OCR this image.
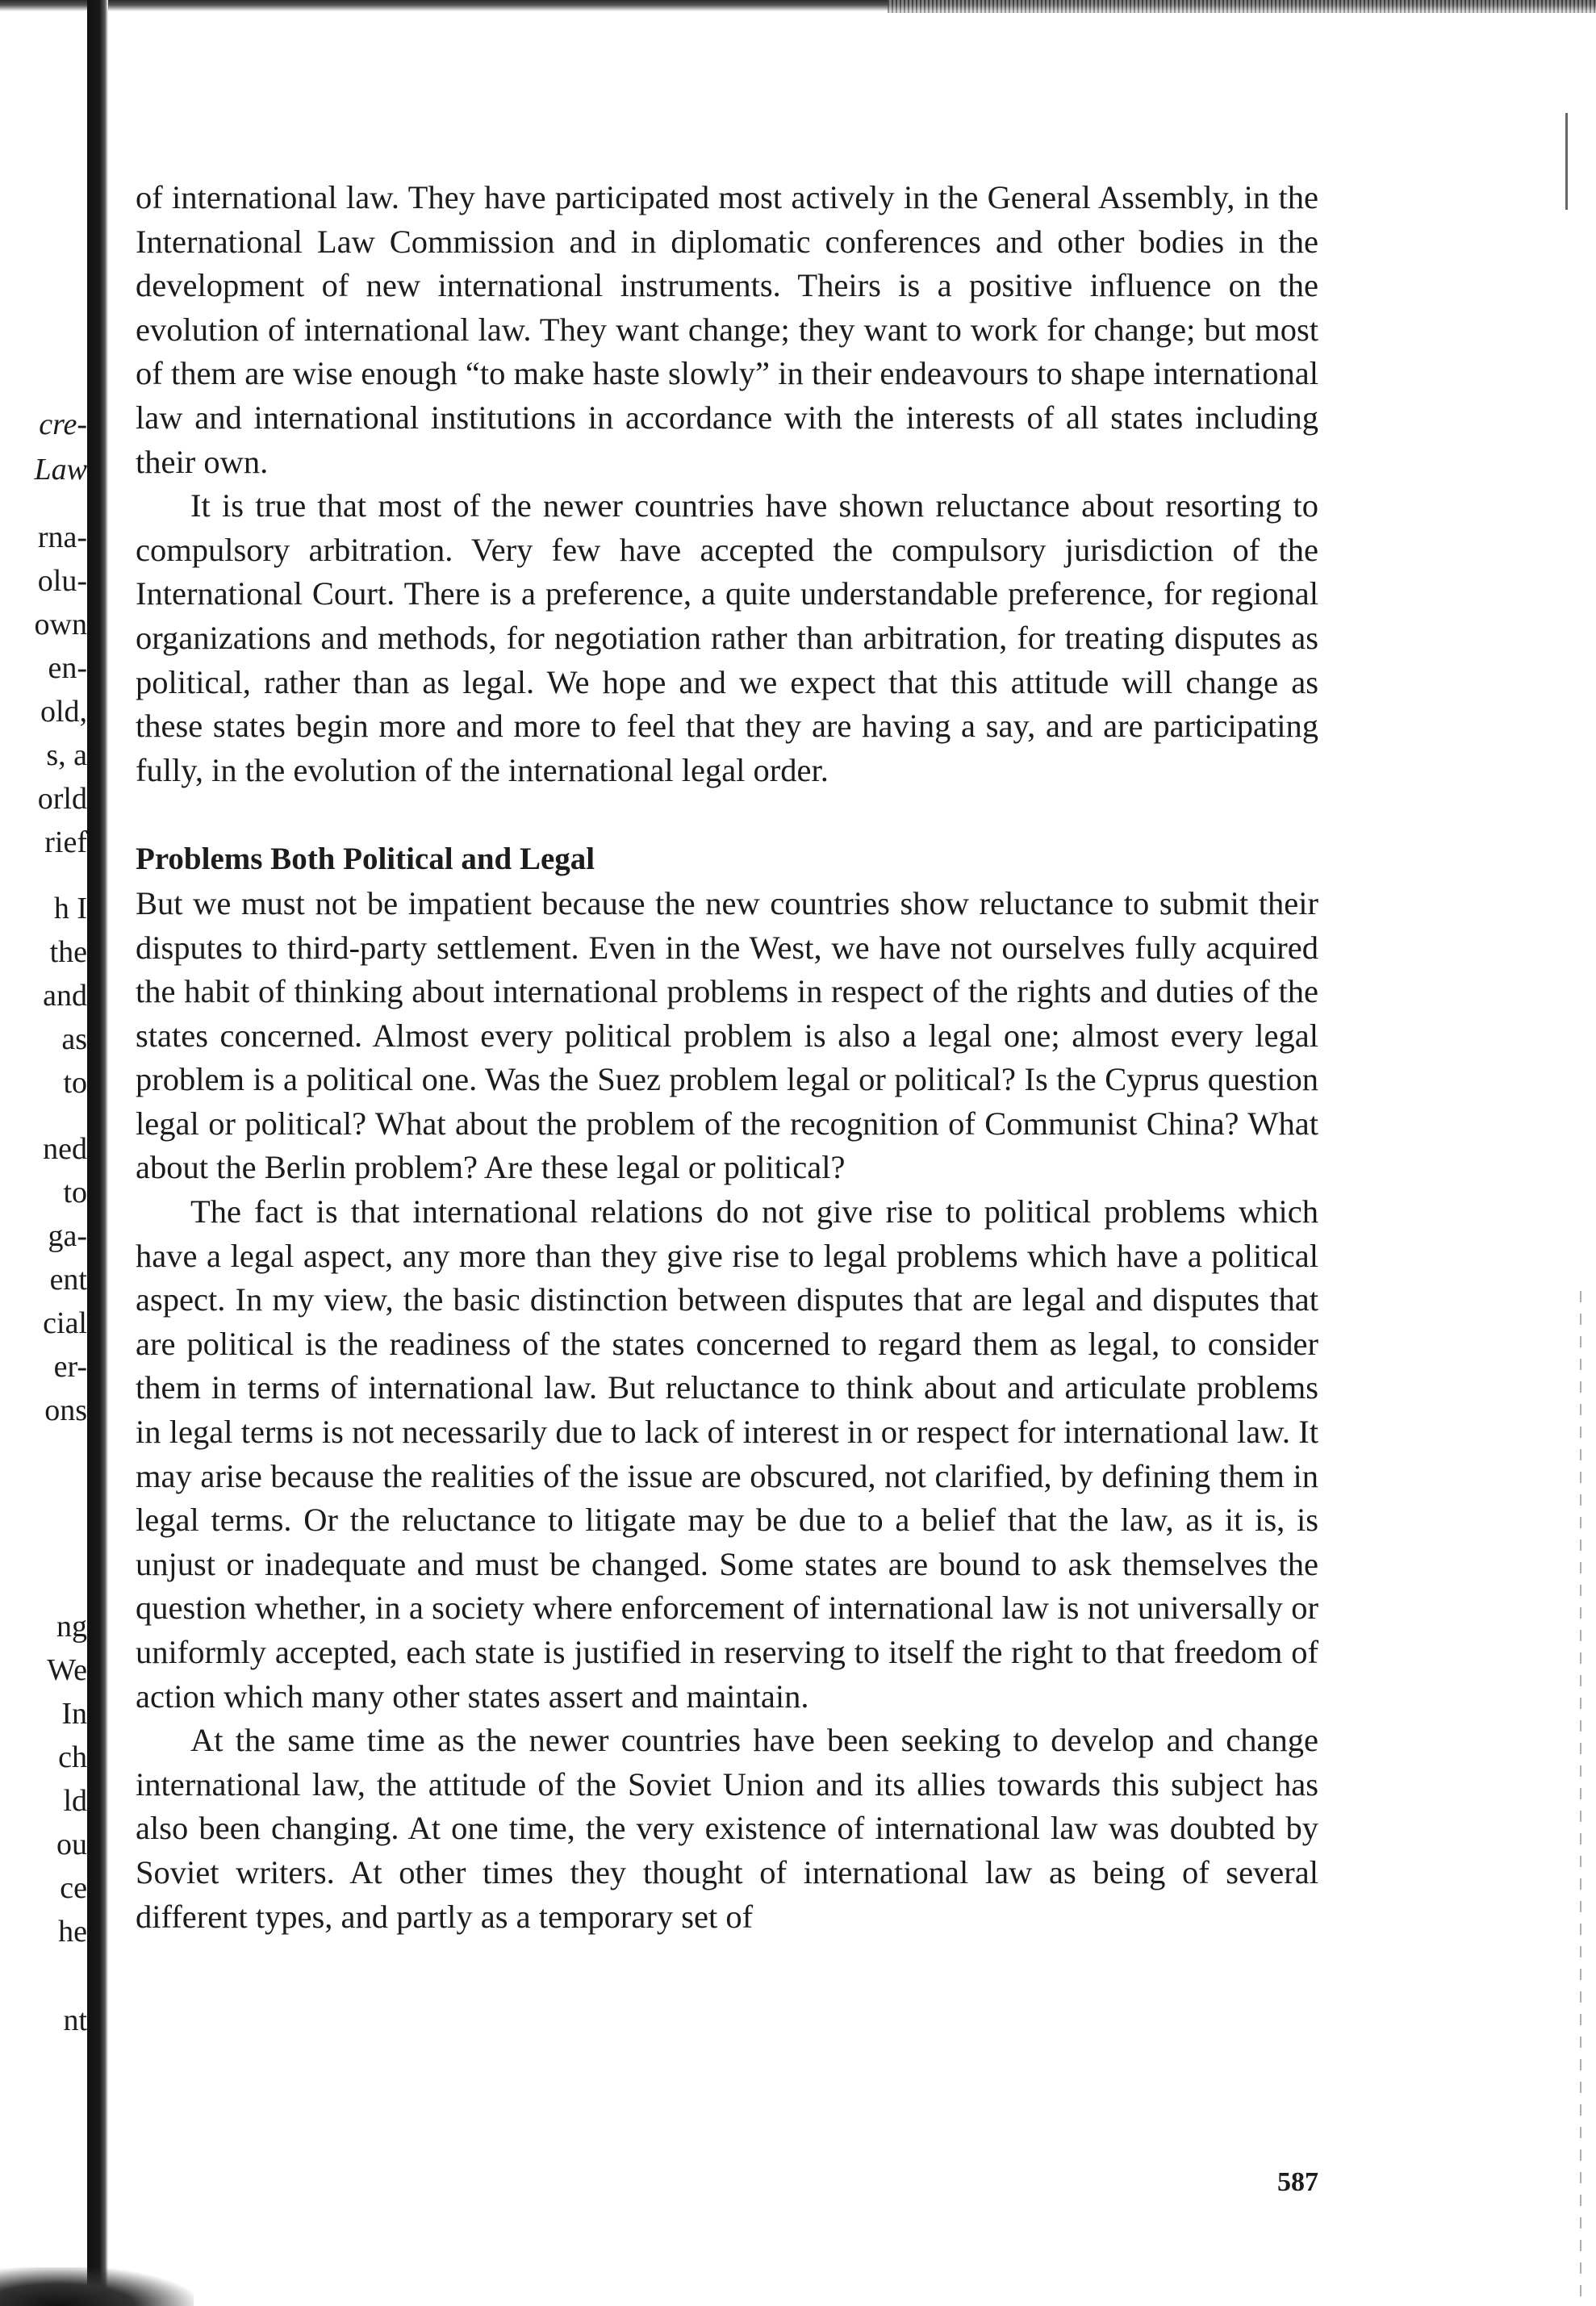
cre-

Law

rna-

olu-

own

en-

old,

s, a

orld

rief

h I

the

and

as

to

ned

to

ga-

ent

cial

er-

ons

ng

We

In

ch

ld

ou

ce

he

nt

of international law. They have participated most actively in the General Assembly, in the International Law Commission and in diplomatic conferences and other bodies in the development of new international instruments. Theirs is a positive influence on the evolution of international law. They want change; they want to work for change; but most of them are wise enough “to make haste slowly” in their endeavours to shape international law and international institutions in accordance with the interests of all states including their own.

It is true that most of the newer countries have shown reluctance about resorting to compulsory arbitration. Very few have accepted the compulsory jurisdiction of the International Court. There is a preference, a quite understandable preference, for regional organizations and methods, for negotiation rather than arbitration, for treating disputes as political, rather than as legal. We hope and we expect that this attitude will change as these states begin more and more to feel that they are having a say, and are participating fully, in the evolution of the international legal order.

Problems Both Political and Legal

But we must not be impatient because the new countries show reluctance to submit their disputes to third-party settlement. Even in the West, we have not ourselves fully acquired the habit of thinking about international problems in respect of the rights and duties of the states concerned. Almost every political problem is also a legal one; almost every legal problem is a political one. Was the Suez problem legal or political? Is the Cyprus question legal or political? What about the problem of the recognition of Communist China? What about the Berlin problem? Are these legal or political?

The fact is that international relations do not give rise to political problems which have a legal aspect, any more than they give rise to legal problems which have a political aspect. In my view, the basic distinction between disputes that are legal and disputes that are political is the readiness of the states concerned to regard them as legal, to consider them in terms of international law. But reluctance to think about and articulate problems in legal terms is not necessarily due to lack of interest in or respect for international law. It may arise because the realities of the issue are obscured, not clarified, by defining them in legal terms. Or the reluctance to litigate may be due to a belief that the law, as it is, is unjust or inadequate and must be changed. Some states are bound to ask themselves the question whether, in a society where enforcement of international law is not universally or uniformly accepted, each state is justified in reserving to itself the right to that freedom of action which many other states assert and maintain.

At the same time as the newer countries have been seeking to develop and change international law, the attitude of the Soviet Union and its allies towards this subject has also been changing. At one time, the very existence of international law was doubted by Soviet writers. At other times they thought of international law as being of several different types, and partly as a temporary set of

587
